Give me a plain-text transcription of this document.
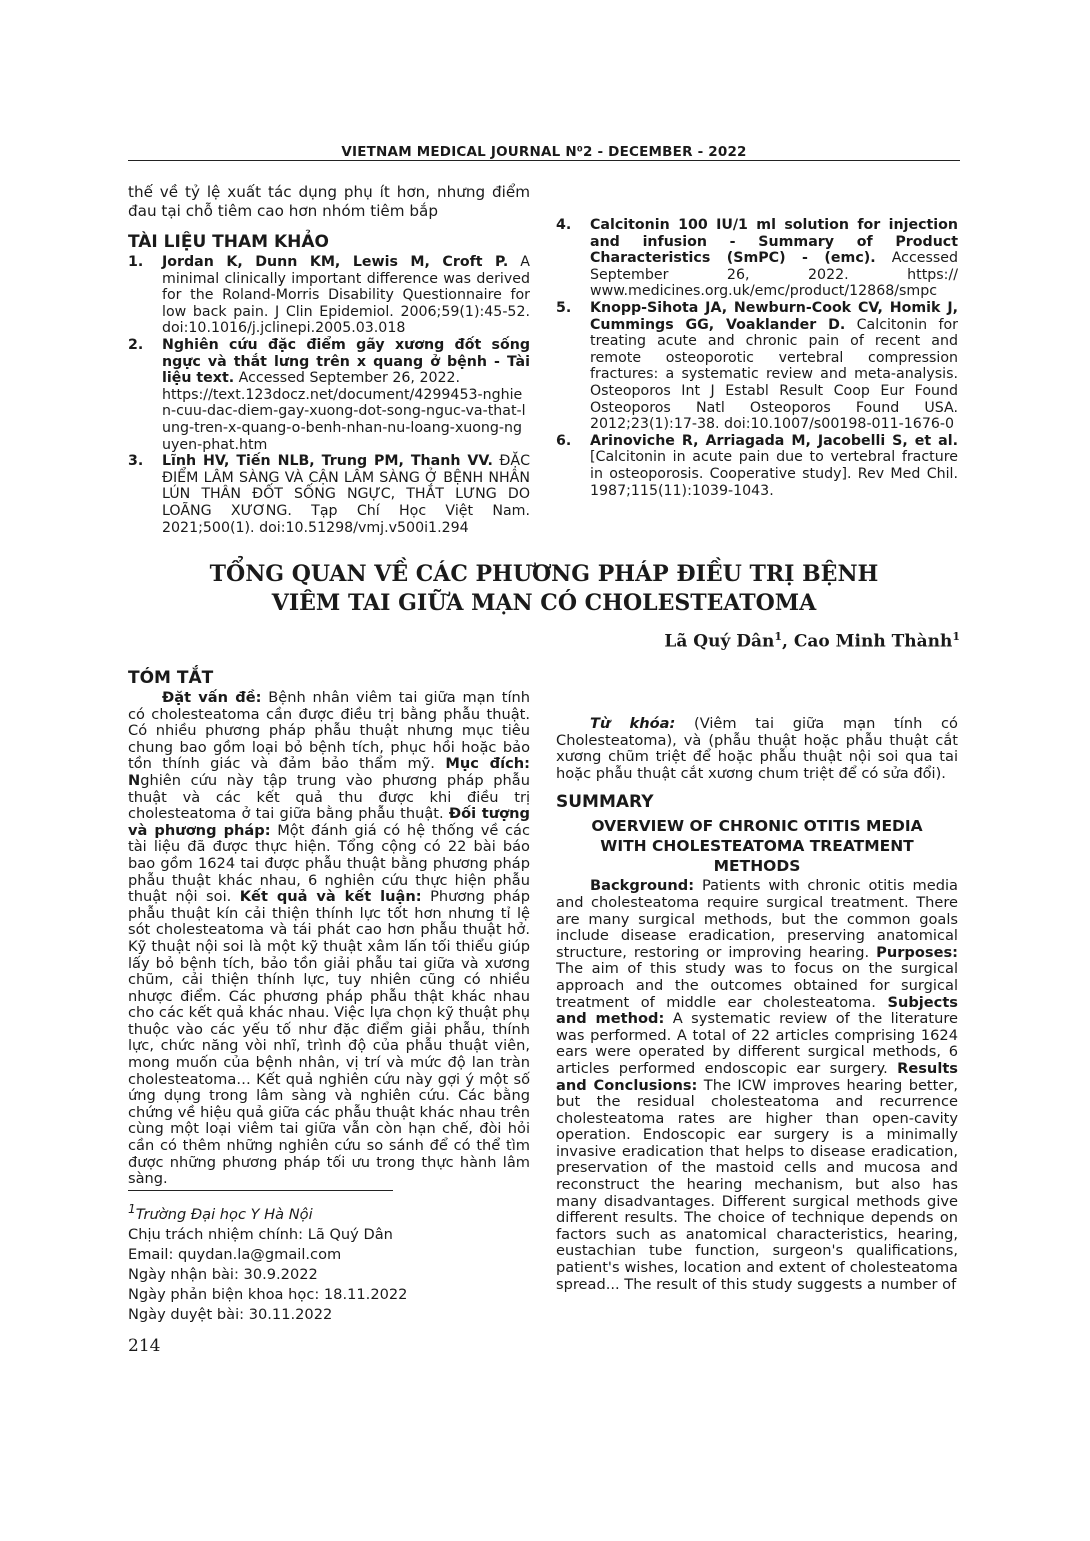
VIETNAM MEDICAL JOURNAL N⁰2 - DECEMBER - 2022

thế về tỷ lệ xuất tác dụng phụ ít hơn, nhưng điểm đau tại chỗ tiêm cao hơn nhóm tiêm bắp

TÀI LIỆU THAM KHẢO

1. Jordan K, Dunn KM, Lewis M, Croft P. A minimal clinically important difference was derived for the Roland-Morris Disability Questionnaire for low back pain. J Clin Epidemiol. 2006;59(1):45-52. doi:10.1016/j.jclinepi.2005.03.018
2. Nghiên cứu đặc điểm gãy xương đốt sống ngực và thắt lưng trên x quang ở bệnh - Tài liệu text. Accessed September 26, 2022.
https://text.123docz.net/document/4299453-nghien-cuu-dac-diem-gay-xuong-dot-song-nguc-va-that-lung-tren-x-quang-o-benh-nhan-nu-loang-xuong-nguyen-phat.htm
3. Lĩnh HV, Tiến NLB, Trung PM, Thanh VV. ĐẶC ĐIỂM LÂM SÀNG VÀ CẬN LÂM SÀNG Ở BỆNH NHÂN LÚN THÂN ĐỐT SỐNG NGỰC, THẮT LƯNG DO LOÃNG XƯƠNG. Tạp Chí Học Việt Nam. 2021;500(1). doi:10.51298/vmj.v500i1.294
4. Calcitonin 100 IU/1 ml solution for injection and infusion - Summary of Product Characteristics (SmPC) - (emc). Accessed September 26, 2022. https:// www.medicines.org.uk/emc/product/12868/smpc
5. Knopp-Sihota JA, Newburn-Cook CV, Homik J, Cummings GG, Voaklander D. Calcitonin for treating acute and chronic pain of recent and remote osteoporotic vertebral compression fractures: a systematic review and meta-analysis. Osteoporos Int J Establ Result Coop Eur Found Osteoporos Natl Osteoporos Found USA. 2012;23(1):17-38. doi:10.1007/s00198-011-1676-0
6. Arinoviche R, Arriagada M, Jacobelli S, et al. [Calcitonin in acute pain due to vertebral fracture in osteoporosis. Cooperative study]. Rev Med Chil. 1987;115(11):1039-1043.
TỔNG QUAN VỀ CÁC PHƯƠNG PHÁP ĐIỀU TRỊ BỆNH
VIÊM TAI GIỮA MẠN CÓ CHOLESTEATOMA
Lã Quý Dân$^1$, Cao Minh Thành$^1$

TÓM TẮT

Đặt vấn đề: Bệnh nhân viêm tai giữa mạn tính có cholesteatoma cần được điều trị bằng phẫu thuật. Có nhiều phương pháp phẫu thuật nhưng mục tiêu chung bao gồm loại bỏ bệnh tích, phục hồi hoặc bảo tồn thính giác và đảm bảo thẩm mỹ. Mục đích: Nghiên cứu này tập trung vào phương pháp phẫu thuật và các kết quả thu được khi điều trị cholesteatoma ở tai giữa bằng phẫu thuật. Đối tượng và phương pháp: Một đánh giá có hệ thống về các tài liệu đã được thực hiện. Tổng cộng có 22 bài báo bao gồm 1624 tai được phẫu thuật bằng phương pháp phẫu thuật khác nhau, 6 nghiên cứu thực hiện phẫu thuật nội soi. Kết quả và kết luận: Phương pháp phẫu thuật kín cải thiện thính lực tốt hơn nhưng tỉ lệ sót cholesteatoma và tái phát cao hơn phẫu thuật hở. Kỹ thuật nội soi là một kỹ thuật xâm lấn tối thiểu giúp lấy bỏ bệnh tích, bảo tồn giải phẫu tai giữa và xương chũm, cải thiện thính lực, tuy nhiên cũng có nhiều nhược điểm. Các phương pháp phẫu thật khác nhau cho các kết quả khác nhau. Việc lựa chọn kỹ thuật phụ thuộc vào các yếu tố như đặc điểm giải phẫu, thính lực, chức năng vòi nhĩ, trình độ của phẫu thuật viên, mong muốn của bệnh nhân, vị trí và mức độ lan tràn cholesteatoma… Kết quả nghiên cứu này gợi ý một số ứng dụng trong lâm sàng và nghiên cứu. Các bằng chứng về hiệu quả giữa các phẫu thuật khác nhau trên cùng một loại viêm tai giữa vẫn còn hạn chế, đòi hỏi cần có thêm những nghiên cứu so sánh để có thể tìm được những phương pháp tối ưu trong thực hành lâm sàng.

$^1$Trường Đại học Y Hà Nội
Chịu trách nhiệm chính: Lã Quý Dân
Email: quydan.la@gmail.com
Ngày nhận bài: 30.9.2022
Ngày phản biện khoa học: 18.11.2022
Ngày duyệt bài: 30.11.2022
214

Từ khóa: (Viêm tai giữa mạn tính có Cholesteatoma), và (phẫu thuật hoặc phẫu thuật cắt xương chũm triệt để hoặc phẫu thuật nội soi qua tai hoặc phẫu thuật cắt xương chum triệt để có sửa đổi).

SUMMARY

OVERVIEW OF CHRONIC OTITIS MEDIA
WITH CHOLESTEATOMA TREATMENT METHODS

Background: Patients with chronic otitis media and cholesteatoma require surgical treatment. There are many surgical methods, but the common goals include disease eradication, preserving anatomical structure, restoring or improving hearing. Purposes: The aim of this study was to focus on the surgical approach and the outcomes obtained for surgical treatment of middle ear cholesteatoma. Subjects and method: A systematic review of the literature was performed. A total of 22 articles comprising 1624 ears were operated by different surgical methods, 6 articles performed endoscopic ear surgery. Results and Conclusions: The ICW improves hearing better, but the residual cholesteatoma and recurrence cholesteatoma rates are higher than open-cavity operation. Endoscopic ear surgery is a minimally invasive eradication that helps to disease eradication, preservation of the mastoid cells and mucosa and reconstruct the hearing mechanism, but also has many disadvantages. Different surgical methods give different results. The choice of technique depends on factors such as anatomical characteristics, hearing, eustachian tube function, surgeon's qualifications, patient's wishes, location and extent of cholesteatoma spread... The result of this study suggests a number of
